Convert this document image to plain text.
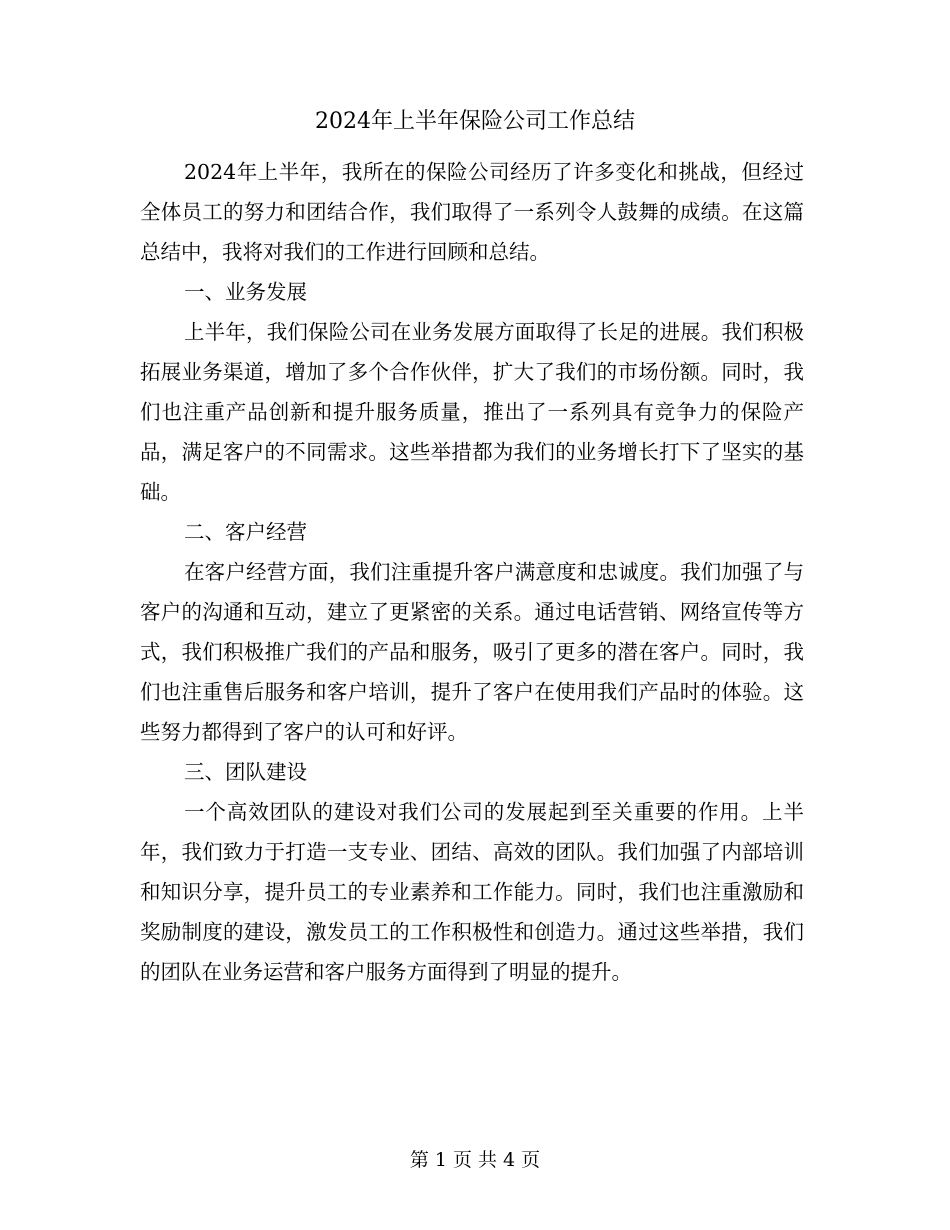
2024年上半年保险公司工作总结

2024年上半年，我所在的保险公司经历了许多变化和挑战，但经过全体员工的努力和团结合作，我们取得了一系列令人鼓舞的成绩。在这篇总结中，我将对我们的工作进行回顾和总结。

一、业务发展

上半年，我们保险公司在业务发展方面取得了长足的进展。我们积极拓展业务渠道，增加了多个合作伙伴，扩大了我们的市场份额。同时，我们也注重产品创新和提升服务质量，推出了一系列具有竞争力的保险产品，满足客户的不同需求。这些举措都为我们的业务增长打下了坚实的基础。

二、客户经营

在客户经营方面，我们注重提升客户满意度和忠诚度。我们加强了与客户的沟通和互动，建立了更紧密的关系。通过电话营销、网络宣传等方式，我们积极推广我们的产品和服务，吸引了更多的潜在客户。同时，我们也注重售后服务和客户培训，提升了客户在使用我们产品时的体验。这些努力都得到了客户的认可和好评。

三、团队建设

一个高效团队的建设对我们公司的发展起到至关重要的作用。上半年，我们致力于打造一支专业、团结、高效的团队。我们加强了内部培训和知识分享，提升员工的专业素养和工作能力。同时，我们也注重激励和奖励制度的建设，激发员工的工作积极性和创造力。通过这些举措，我们的团队在业务运营和客户服务方面得到了明显的提升。

第 1 页 共 4 页
